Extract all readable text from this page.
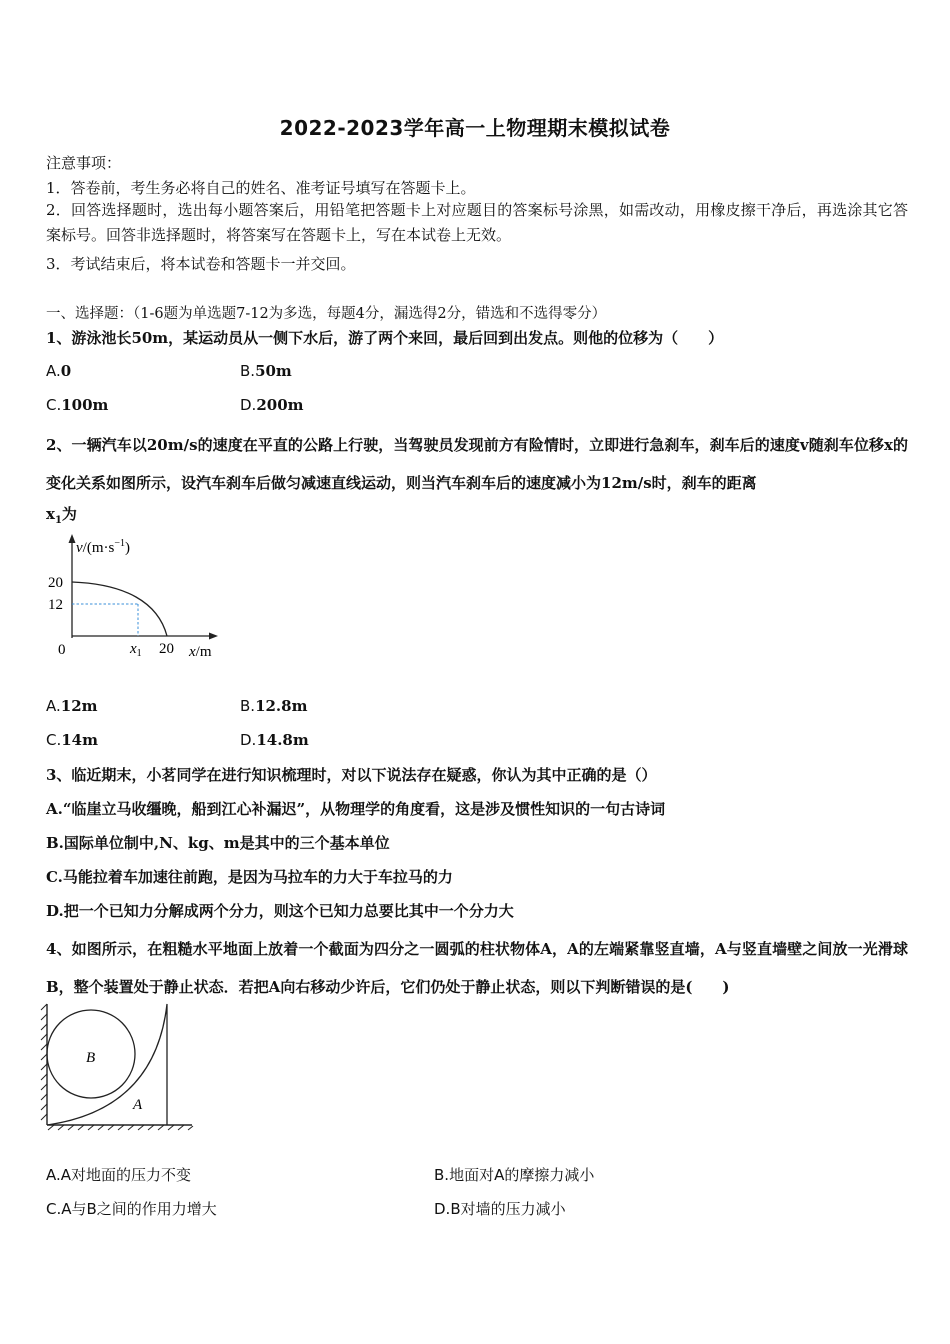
2022-2023学年高一上物理期末模拟试卷
注意事项：
1．答卷前，考生务必将自己的姓名、准考证号填写在答题卡上。
2．回答选择题时，选出每小题答案后，用铅笔把答题卡上对应题目的答案标号涂黑，如需改动，用橡皮擦干净后，再选涂其它答案标号。回答非选择题时，将答案写在答题卡上，写在本试卷上无效。
3．考试结束后，将本试卷和答题卡一并交回。
一、选择题：（1-6题为单选题7-12为多选，每题4分，漏选得2分，错选和不选得零分）
1、游泳池长50m，某运动员从一侧下水后，游了两个来回，最后回到出发点。则他的位移为（　　）
A.0	B.50m
C.100m	D.200m
2、一辆汽车以20m/s的速度在平直的公路上行驶，当驾驶员发现前方有险情时，立即进行急刹车，刹车后的速度v随刹车位移x的变化关系如图所示，设汽车刹车后做匀减速直线运动，则当汽车刹车后的速度减小为12m/s时，刹车的距离
$x_1$为
$v/(m\cdot s^{-1})$
20
12
0	$x_1$ 20 x/m
A.12m	B.12.8m
C.14m	D.14.8m
3、临近期末，小茗同学在进行知识梳理时，对以下说法存在疑惑，你认为其中正确的是（）
A.“临崖立马收缰晚，船到江心补漏迟”，从物理学的角度看，这是涉及惯性知识的一句古诗词
B.国际单位制中,N、kg、m是其中的三个基本单位
C.马能拉着车加速往前跑，是因为马拉车的力大于车拉马的力
D.把一个已知力分解成两个分力，则这个已知力总要比其中一个分力大
4、如图所示，在粗糙水平地面上放着一个截面为四分之一圆弧的柱状物体A，A的左端紧靠竖直墙，A与竖直墙壁之间放一光滑球B，整个装置处于静止状态．若把A向右移动少许后，它们仍处于静止状态，则以下判断错误的是(　　)
B
A
A.A对地面的压力不变	B.地面对A的摩擦力减小
C.A与B之间的作用力增大	D.B对墙的压力减小
